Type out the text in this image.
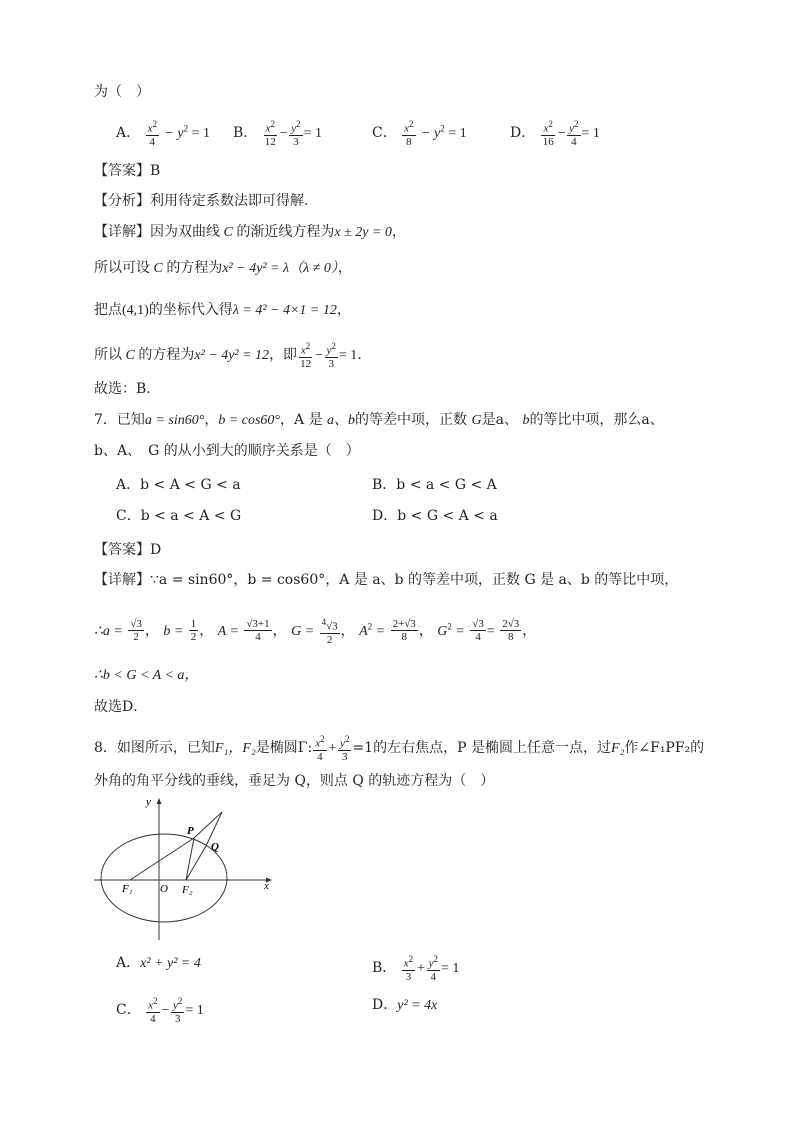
为（　）
A． $\frac{x^2}{4} - y^2 = 1$ B． $\frac{x^2}{12} - \frac{y^2}{3} = 1$	C． $\frac{x^2}{8} - y^2 = 1$	D． $\frac{x^2}{16} - \frac{y^2}{4} = 1$
【答案】B
【分析】利用待定系数法即可得解.
【详解】因为双曲线 C 的渐近线方程为x ± 2y = 0，
所以可设 C 的方程为x² − 4y² = λ（λ ≠ 0），
把点(4,1)的坐标代入得λ = 4² − 4×1 = 12，
所以 C 的方程为x² − 4y² = 12，即 $\frac{x^2}{12} - \frac{y^2}{3} = 1$.
故选：B.
7．已知a = sin60°，b = cos60°，A 是 a、b的等差中项，正数 G是a、 b的等比中项，那么a、
b、A、　G 的从小到大的顺序关系是（　）
A．b < A < G < a	B．b < a < G < A
C．b < a < A < G	D．b < G < A < a
【答案】D
【详解】∵a = sin60°，b = cos60°，A 是 a、b 的等差中项，正数 G 是 a、b 的等比中项，
∴a = $\frac{√3}{2}$ ， $b = \frac{1}{2}$ ， $A = \frac{√3+1}{4}$ ， $G = \frac{^4√3}{2}$ ， $A^2 = \frac{2+√3}{8}$ ， $G^2 = \frac{√3}{4} = \frac{2√3}{8}$ ，
∴b < G < A < a，
故选D．
8．如图所示，已知F₁，F₂是椭圆Γ: $\frac{x^2}{4} + \frac{y^2}{3} =1$的左右焦点，P 是椭圆上任意一点，过F₂作∠F₁PF₂的
外角的角平分线的垂线，垂足为 Q，则点 Q 的轨迹方程为（　）
y
x
P
Q
F₁ O F₂
A．x² + y² = 4	B． $\frac{x^2}{3} + \frac{y^2}{4} = 1$
C． $\frac{x^2}{4} - \frac{y^2}{3} = 1$	D．y² = 4x
